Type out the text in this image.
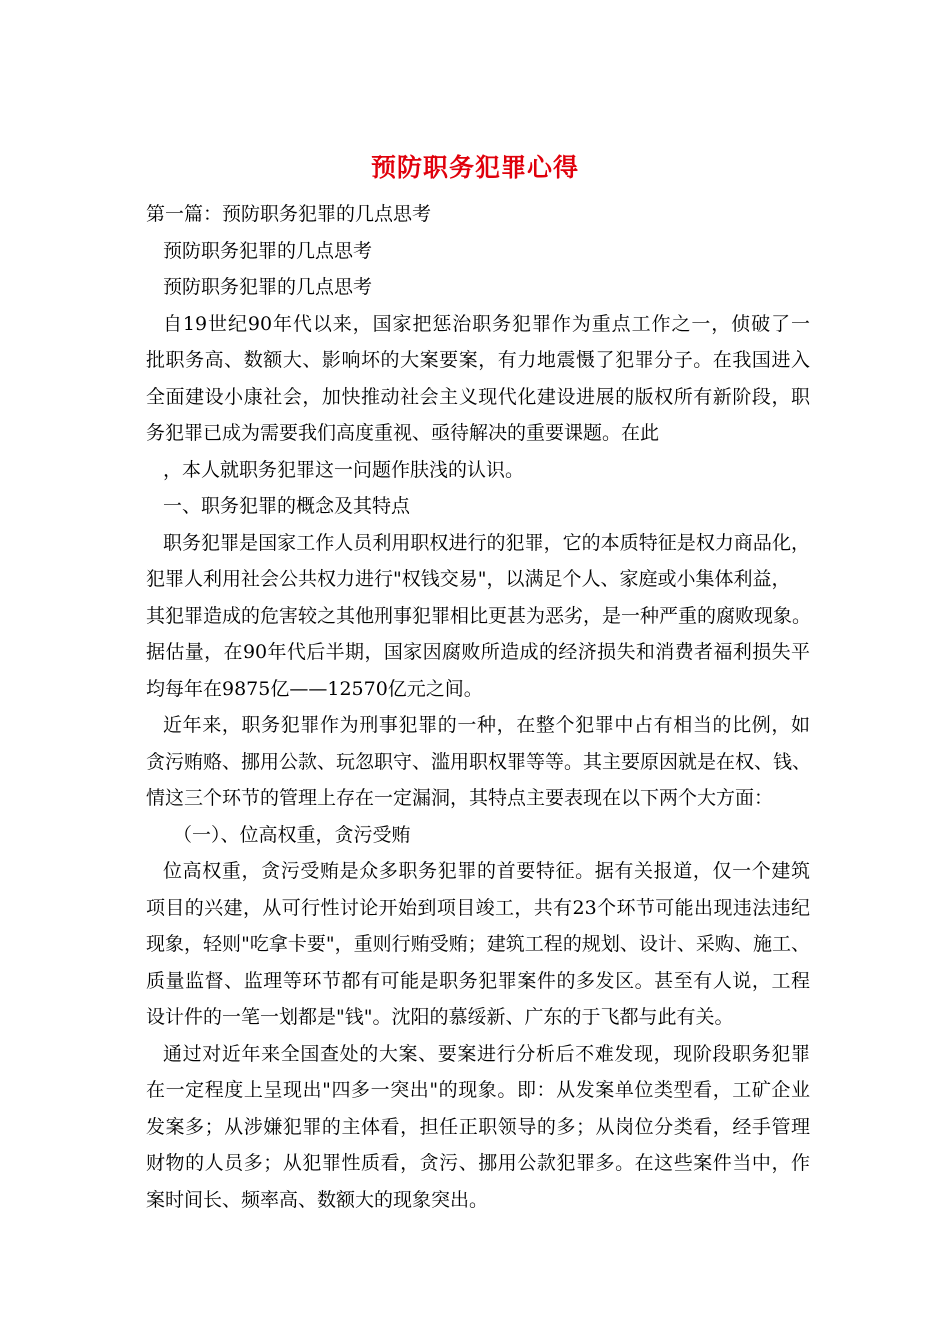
预防职务犯罪心得
第一篇：预防职务犯罪的几点思考
预防职务犯罪的几点思考
预防职务犯罪的几点思考
自19世纪90年代以来，国家把惩治职务犯罪作为重点工作之一，侦破了一
批职务高、数额大、影响坏的大案要案，有力地震慑了犯罪分子。在我国进入
全面建设小康社会，加快推动社会主义现代化建设进展的版权所有新阶段，职
务犯罪已成为需要我们高度重视、亟待解决的重要课题。在此
，本人就职务犯罪这一问题作肤浅的认识。
一、职务犯罪的概念及其特点
职务犯罪是国家工作人员利用职权进行的犯罪，它的本质特征是权力商品化，
犯罪人利用社会公共权力进行"权钱交易"，以满足个人、家庭或小集体利益，
其犯罪造成的危害较之其他刑事犯罪相比更甚为恶劣，是一种严重的腐败现象。
据估量，在90年代后半期，国家因腐败所造成的经济损失和消费者福利损失平
均每年在9875亿——12570亿元之间。
近年来，职务犯罪作为刑事犯罪的一种，在整个犯罪中占有相当的比例，如
贪污贿赂、挪用公款、玩忽职守、滥用职权罪等等。其主要原因就是在权、钱、
情这三个环节的管理上存在一定漏洞，其特点主要表现在以下两个大方面：
（一）、位高权重，贪污受贿
位高权重，贪污受贿是众多职务犯罪的首要特征。据有关报道，仅一个建筑
项目的兴建，从可行性讨论开始到项目竣工，共有23个环节可能出现违法违纪
现象，轻则"吃拿卡要"，重则行贿受贿；建筑工程的规划、设计、采购、施工、
质量监督、监理等环节都有可能是职务犯罪案件的多发区。甚至有人说，工程
设计件的一笔一划都是"钱"。沈阳的慕绥新、广东的于飞都与此有关。
通过对近年来全国查处的大案、要案进行分析后不难发现，现阶段职务犯罪
在一定程度上呈现出"四多一突出"的现象。即：从发案单位类型看，工矿企业
发案多；从涉嫌犯罪的主体看，担任正职领导的多；从岗位分类看，经手管理
财物的人员多；从犯罪性质看，贪污、挪用公款犯罪多。在这些案件当中，作
案时间长、频率高、数额大的现象突出。
